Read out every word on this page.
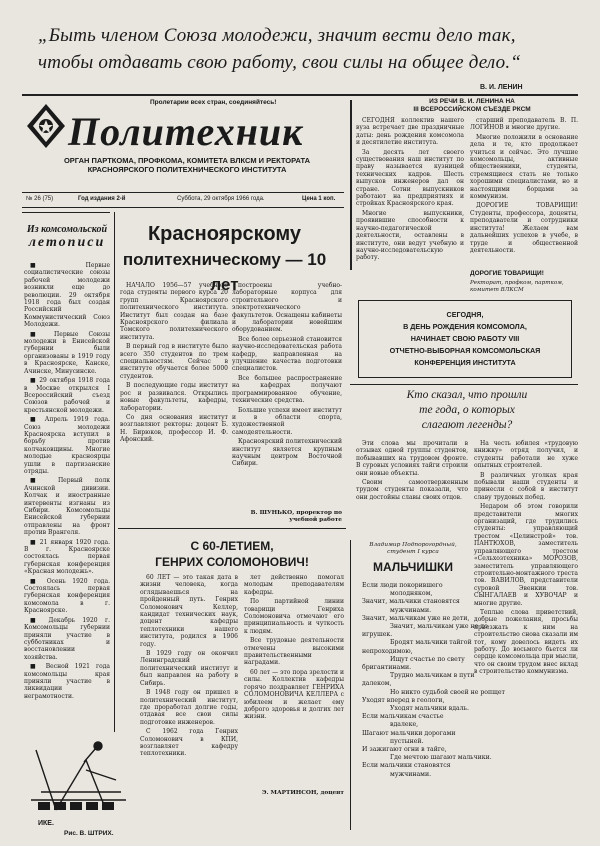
„Быть членом Союза молодежи, значит вести дело так,
чтобы отдавать свою работу, свои силы на общее дело.“
В. И. ЛЕНИН
Пролетарии всех стран, соединяйтесь!
Политехник
ОРГАН ПАРТКОМА, ПРОФКОМА, КОМИТЕТА ВЛКСМ И РЕКТОРАТА
КРАСНОЯРСКОГО ПОЛИТЕХНИЧЕСКОГО ИНСТИТУТА
№ 26 (75)	Год издания 2-й	Суббота, 29 октября 1966 года.	Цена 1 коп.
ИЗ РЕЧИ В. И. ЛЕНИНА НА
III ВСЕРОССИЙСКОМ СЪЕЗДЕ РКСМ

СЕГОДНЯ коллектив нашего вуза встречает две праздничные даты: день рождения комсомола и десятилетие института.

За десять лет своего существования наш институт по праву называется кузницей технических кадров. Шесть выпусков инженеров дал он стране. Сотни выпускников работают на предприятиях и стройках Красноярского края.

Многие выпускники, проявившие способности к научно-педагогической деятельности, оставлены в институте, они ведут учебную и научно-исследовательскую работу.

старший преподаватель В. П. ЛОГИНОВ и многие другие.

Многие положили в основание дела и те, кто продолжает учиться и сейчас. Это лучшие комсомольцы, активные общественники, студенты, стремящиеся стать не только хорошими специалистами, но и настоящими борцами за коммунизм.

ДОРОГИЕ ТОВАРИЩИ! Студенты, профессора, доценты, преподаватели и сотрудники института! Желаем вам дальнейших успехов в учебе, в труде и общественной деятельности.

ДОРОГИЕ ТОВАРИЩИ!
Ректорат, профком, партком, комитет ВЛКСМ
СЕГОДНЯ,
В ДЕНЬ РОЖДЕНИЯ КОМСОМОЛА,
НАЧИНАЕТ СВОЮ РАБОТУ VIII
ОТЧЕТНО-ВЫБОРНАЯ КОМСОМОЛЬСКАЯ
КОНФЕРЕНЦИЯ ИНСТИТУТА
Из комсомольской
летописи

■ Первые социалистические союзы рабочей молодежи возникли еще до революции. 29 октября 1918 года был создан Российский Коммунистический Союз Молодежи.

■ Первые Союзы молодежи в Енисейской губернии были организованы в 1919 году в Красноярске, Канске, Ачинске, Минусинске.

■ 29 октября 1918 года в Москве открылся I Всероссийский съезд Союзов рабочей и крестьянской молодежи.

■ Апрель 1919 года. Союз молодежи Красноярска вступил в борьбу против колчаковщины. Многие молодые красноярцы ушли в партизанские отряды.

■ Первый полк Ачинской дивизии. Колчак и иностранные интервенты изгнаны из Сибири. Комсомольцы Енисейской губернии отправлены на фронт против Врангеля.

■ 21 января 1920 года. В г. Красноярске состоялась первая губернская конференция «Красная молодежь».

■ Осень 1920 года. Состоялась первая губернская конференция комсомола в г. Красноярске.

■ Декабрь 1920 г. Комсомольцы губернии приняли участие в субботниках и восстановлении хозяйства.

■ Весной 1921 года комсомольцы края приняли участие в ликвидации неграмотности.

Красноярскому
политехническому — 10 лет

НАЧАЛО 1956—57 учебного года студенты первого курса 20 групп Красноярского политехнического института. Институт был создан на базе Красноярского филиала Томского политехнического института.

В первый год в институте было всего 350 студентов по трем специальностям. Сейчас в институте обучается более 5000 студентов.

В последующие годы институт рос и развивался. Открылись новые факультеты, кафедры, лаборатории.

Со дня основания институт возглавляют ректоры: доцент Б. Н. Бирюков, профессор И. Ф. Афонский.

построены учебно-лабораторные корпуса для строительного и электротехнического факультетов. Оснащены кабинеты и лаборатории новейшим оборудованием.

Все более серьезной становится научно-исследовательская работа кафедр, направленная на улучшение качества подготовки специалистов.

Все большее распространение на кафедрах получают программированное обучение, технические средства.

Большие успехи имеет институт и в области спорта, художественной самодеятельности.

Красноярский политехнический институт является крупным научным центром Восточной Сибири.

В. ШУНЬКО, проректор по учебной работе
С 60-ЛЕТИЕМ,
ГЕНРИХ СОЛОМОНОВИЧ!

60 ЛЕТ — это такая дата в жизни человека, когда оглядываешься на пройденный путь. Генрих Соломонович Келлер, кандидат технических наук, доцент кафедры теплотехники нашего института, родился в 1906 году.

В 1929 году он окончил Ленинградский политехнический институт и был направлен на работу в Сибирь.

В 1948 году он пришел в политехнический институт, где проработал долгие годы, отдавая все свои силы подготовке инженеров.

С 1962 года Генрих Соломонович в КПИ, возглавляет кафедру теплотехники.

лет действенно помогал молодым преподавателям кафедры.

По партийной линии товарищи Генриха Соломоновича отмечают его принципиальность и чуткость к людям.

Все трудовые деятельности отмечены высокими правительственными наградами.

60 лет — это пора зрелости и силы. Коллектив кафедры горячо поздравляет ГЕНРИХА СОЛОМОНОВИЧА КЕЛЛЕРА с юбилеем и желает ему доброго здоровья и долгих лет жизни.

Э. МАРТИНСОН, доцент
ИКЕ.
Рис. В. ШТРИХ.
Кто сказал, что прошли
те года, о которых
слагают легенды?

Эти слова мы прочитали в отзывах одной группы студентов, побывавших на трудовом фронте. В суровых условиях тайги строили они новые объекты.

Своим самоотверженным трудом студенты показали, что они достойны славы своих отцов.

На честь юбилея «трудовую книжку» отряд получил, и студенты работали не хуже опытных строителей.

В различных уголках края побывали наши студенты и принесли с собой в институт славу трудовых побед.

Недаром об этом говорили представители многих организаций, где трудились студенты: управляющий трестом «Целинстрой» тов. ПАНТЮХОВ, заместитель управляющего трестом «Сельхозтехника» МОРОЗОВ, заместитель управляющего строительно-монтажного треста тов. ВАВИЛОВ, представители суровой Эвенкии тов. СЫНГАЛАЕВ и ХУВОЧАР и многие другие.

Теплые слова приветствий, добрые пожелания, просьбы приезжать к ним на строительство снова сказали им тот, кому довелось видеть их работу. До восьмого бьется ли сердце комсомольца при мысли, что он своим трудом внес вклад в строительство коммунизма.

Владимир Подпорогордный, студент I курса
МАЛЬЧИШКИ
Если люди покорившего
молодняком,
Значит, мальчики становятся
мужчинами.
Значит, мальчикам уже не дети,
Значит, мальчикам уже не до
игрушек.
Бродят мальчики тайгой
непроходимою,
Ищут счастье по свету
бригантинами.
Трудно мальчикам в пути
далеком,
Но никто судьбой своей не ропщет
Уходят вперед в геологи,
Уходят мальчики вдаль.
Если мальчикам счастье
вдалеке,
Шагают мальчики дорогами
пустыней.
И зажигают огни в тайге,
Где мечтою шагают мальчики.
Если мальчики становятся
мужчинами.
